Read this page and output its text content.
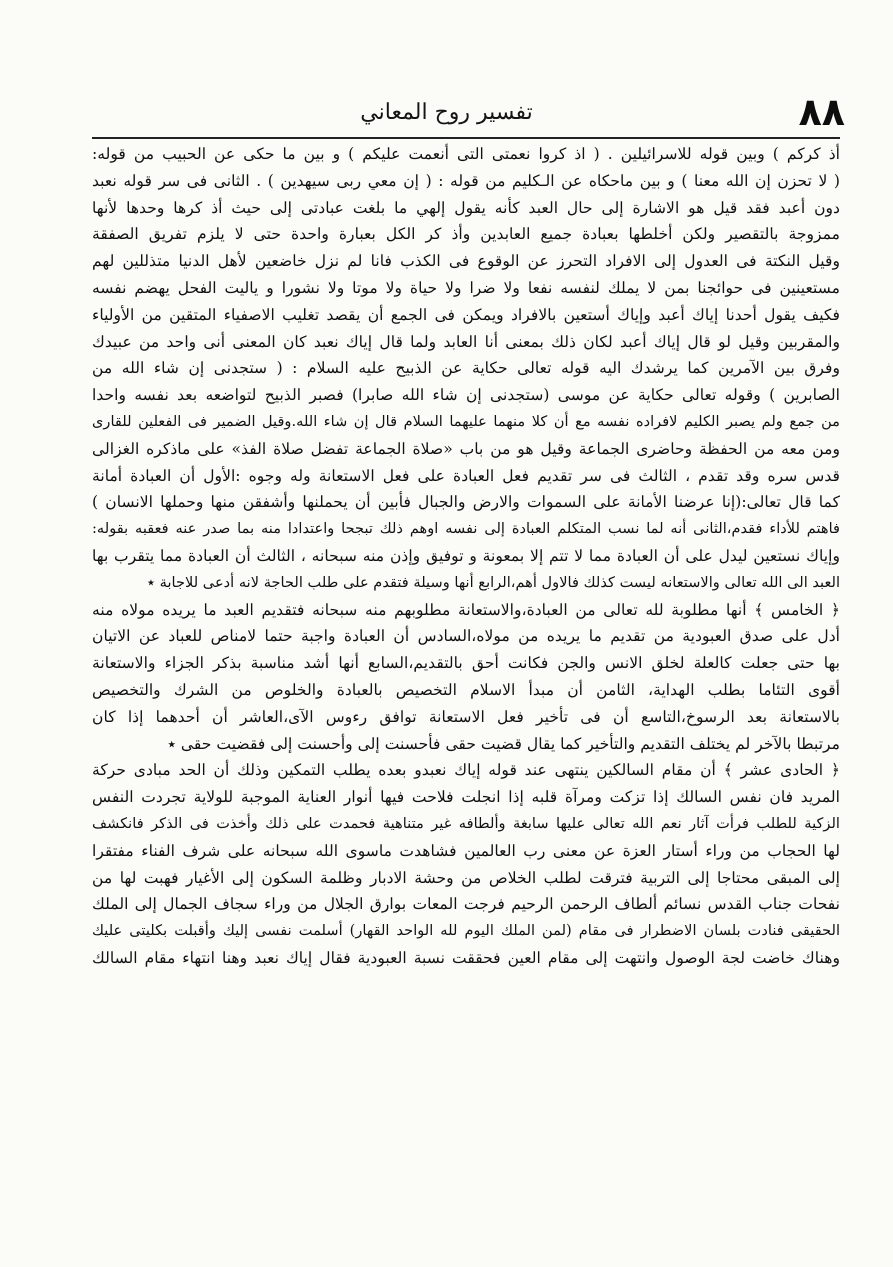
٨٨
تفسير روح المعاني
أذ كركم ) وبين قوله للاسرائيلين . ( اذ كروا نعمتى التى أنعمت عليكم ) و بين ما حكى عن الحبيب من قوله:
( لا تحزن إن الله معنا ) و بين ماحكاه عن الـكليم من قوله : ( إن معي ربى سيهدين ) . الثانى فى سر قوله نعبد
دون أعبد فقد قيل هو الاشارة إلى حال العبد كأنه يقول إلهي ما بلغت عبادتى إلى حيث أذ كرها وحدها لأنها
ممزوجة بالتقصير ولكن أخلطها بعبادة جميع العابدين وأذ كر الكل بعبارة واحدة حتى لا يلزم تفريق الصفقة
وقيل النكتة فى العدول إلى الافراد التحرز عن الوقوع فى الكذب فانا لم نزل خاضعين لأهل الدنيا متذللين لهم
مستعينين فى حوائجنا بمن لا يملك لنفسه نفعا ولا ضرا ولا حياة ولا موتا ولا نشورا و ياليت الفحل يهضم نفسه
فكيف يقول أحدنا إياك أعبد وإياك أستعين بالافراد ويمكن فى الجمع أن يقصد تغليب الاصفياء المتقين من الأولياء
والمقربين وقيل لو قال إياك أعبد لكان ذلك بمعنى أنا العابد ولما قال إياك نعبد كان المعنى أنى واحد من عبيدك
وفرق بين الآمرين كما يرشدك اليه قوله تعالى حكاية عن الذبيح عليه السلام : ( ستجدنى إن شاء الله من
الصابرين ) وقوله تعالى حكاية عن موسى (ستجدنى إن شاء الله صابرا) فصبر الذبيح لتواضعه بعد نفسه واحدا
من جمع ولم يصبر الكليم لافراده نفسه مع أن كلا منهما عليهما السلام قال إن شاء الله.وقيل الضمير فى الفعلين للقارى
ومن معه من الحفظة وحاضرى الجماعة وقيل هو من باب «صلاة الجماعة تفضل صلاة الفذ» على ماذكره الغزالى
قدس سره وقد تقدم ، الثالث فى سر تقديم فعل العبادة على فعل الاستعانة وله وجوه :الأول أن العبادة أمانة
كما قال تعالى:(إنا عرضنا الأمانة على السموات والارض والجبال فأبين أن يحملنها وأشفقن منها وحملها الانسان )
فاهتم للأداء فقدم،الثانى أنه لما نسب المتكلم العبادة إلى نفسه اوهم ذلك تبجحا واعتدادا منه بما صدر عنه فعقبه بقوله:
وإياك نستعين ليدل على أن العبادة مما لا تتم إلا بمعونة و توفيق وإذن منه سبحانه ، الثالث أن العبادة مما يتقرب بها
العبد الى الله تعالى والاستعانه ليست كذلك فالاول أهم،الرابع أنها وسيلة فتقدم على طلب الحاجة لانه أدعى للاجابة ٭
﴿ الخامس ﴾ أنها مطلوبة لله تعالى من العبادة،والاستعانة مطلوبهم منه سبحانه فتقديم العبد ما يريده مولاه منه
أدل على صدق العبودية من تقديم ما يريده من مولاه،السادس أن العبادة واجبة حتما لامناص للعباد عن الاتيان
بها حتى جعلت كالعلة لخلق الانس والجن فكانت أحق بالتقديم،السابع أنها أشد مناسبة بذكر الجزاء والاستعانة
أقوى التئاما بطلب الهداية، الثامن أن مبدأ الاسلام التخصيص بالعبادة والخلوص من الشرك والتخصيص
بالاستعانة بعد الرسوخ،التاسع أن فى تأخير فعل الاستعانة توافق رءوس الآى،العاشر أن أحدهما إذا كان
مرتبطا بالآخر لم يختلف التقديم والتأخير كما يقال قضيت حقى فأحسنت إلى وأحسنت إلى فقضيت حقى ٭
﴿ الحادى عشر ﴾ أن مقام السالكين ينتهى عند قوله إياك نعبدو بعده يطلب التمكين وذلك أن الحد مبادى حركة
المريد فان نفس السالك إذا تزكت ومرآة قلبه إذا انجلت فلاحت فيها أنوار العناية الموجبة للولاية تجردت النفس
الزكية للطلب فرأت آثار نعم الله تعالى عليها سابغة وألطافه غير متناهية فحمدت على ذلك وأخذت فى الذكر فانكشف
لها الحجاب من وراء أستار العزة عن معنى رب العالمين فشاهدت ماسوى الله سبحانه على شرف الفناء مفتقرا
إلى المبقى محتاجا إلى التربية فترقت لطلب الخلاص من وحشة الادبار وظلمة السكون إلى الأغيار فهبت لها من
نفحات جناب القدس نسائم ألطاف الرحمن الرحيم فرجت المعات بوارق الجلال من وراء سجاف الجمال إلى الملك
الحقيقى فنادت بلسان الاضطرار فى مقام (لمن الملك اليوم لله الواحد القهار) أسلمت نفسى إليك وأقبلت بكليتى عليك
وهناك خاضت لجة الوصول وانتهت إلى مقام العين فحققت نسبة العبودية فقال إياك نعبد وهنا انتهاء مقام السالك
